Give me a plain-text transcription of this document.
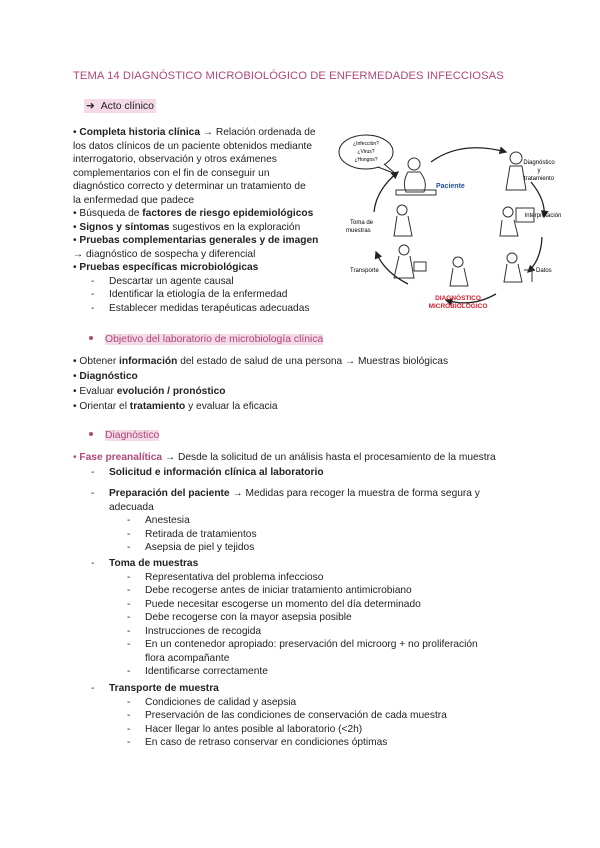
TEMA 14 DIAGNÓSTICO MICROBIOLÓGICO DE ENFERMEDADES INFECCIOSAS
➜ Acto clínico
• Completa historia clínica → Relación ordenada de
los datos clínicos de un paciente obtenidos mediante
interrogatorio, observación y otros exámenes
complementarios con el fin de conseguir un
diagnóstico correcto y determinar un tratamiento de
la enfermedad que padece
• Búsqueda de factores de riesgo epidemiológicos
• Signos y síntomas sugestivos en la exploración
• Pruebas complementarias generales y de imagen
→ diagnóstico de sospecha y diferencial
• Pruebas específicas microbiológicas
- Descartar un agente causal
- Identificar la etiología de la enfermedad
- Establecer medidas terapéuticas adecuadas
¿Infección?
¿Virus?
¿Hongos?
Paciente
Diagnóstico
y
tratamiento
Interpretación
Toma de
muestras
Transporte	Datos
DIAGNÓSTICO
MICROBIOLÓGICO
Objetivo del laboratorio de microbiología clínica
• Obtener información del estado de salud de una persona → Muestras biológicas
• Diagnóstico
• Evaluar evolución / pronóstico
• Orientar el tratamiento y evaluar la eficacia
Diagnóstico
• Fase preanalítica → Desde la solicitud de un análisis hasta el procesamiento de la muestra
- Solicitud e información clínica al laboratorio
- Preparación del paciente → Medidas para recoger la muestra de forma segura y
adecuada
- Anestesia
- Retirada de tratamientos
- Asepsia de piel y tejidos
- Toma de muestras
- Representativa del problema infeccioso
- Debe recogerse antes de iniciar tratamiento antimicrobiano
- Puede necesitar escogerse un momento del día determinado
- Debe recogerse con la mayor asepsia posible
- Instrucciones de recogida
- En un contenedor apropiado: preservación del microorg + no proliferación
flora acompañante
- Identificarse correctamente
- Transporte de muestra
- Condiciones de calidad y asepsia
- Preservación de las condiciones de conservación de cada muestra
- Hacer llegar lo antes posible al laboratorio (<2h)
- En caso de retraso conservar en condiciones óptimas
